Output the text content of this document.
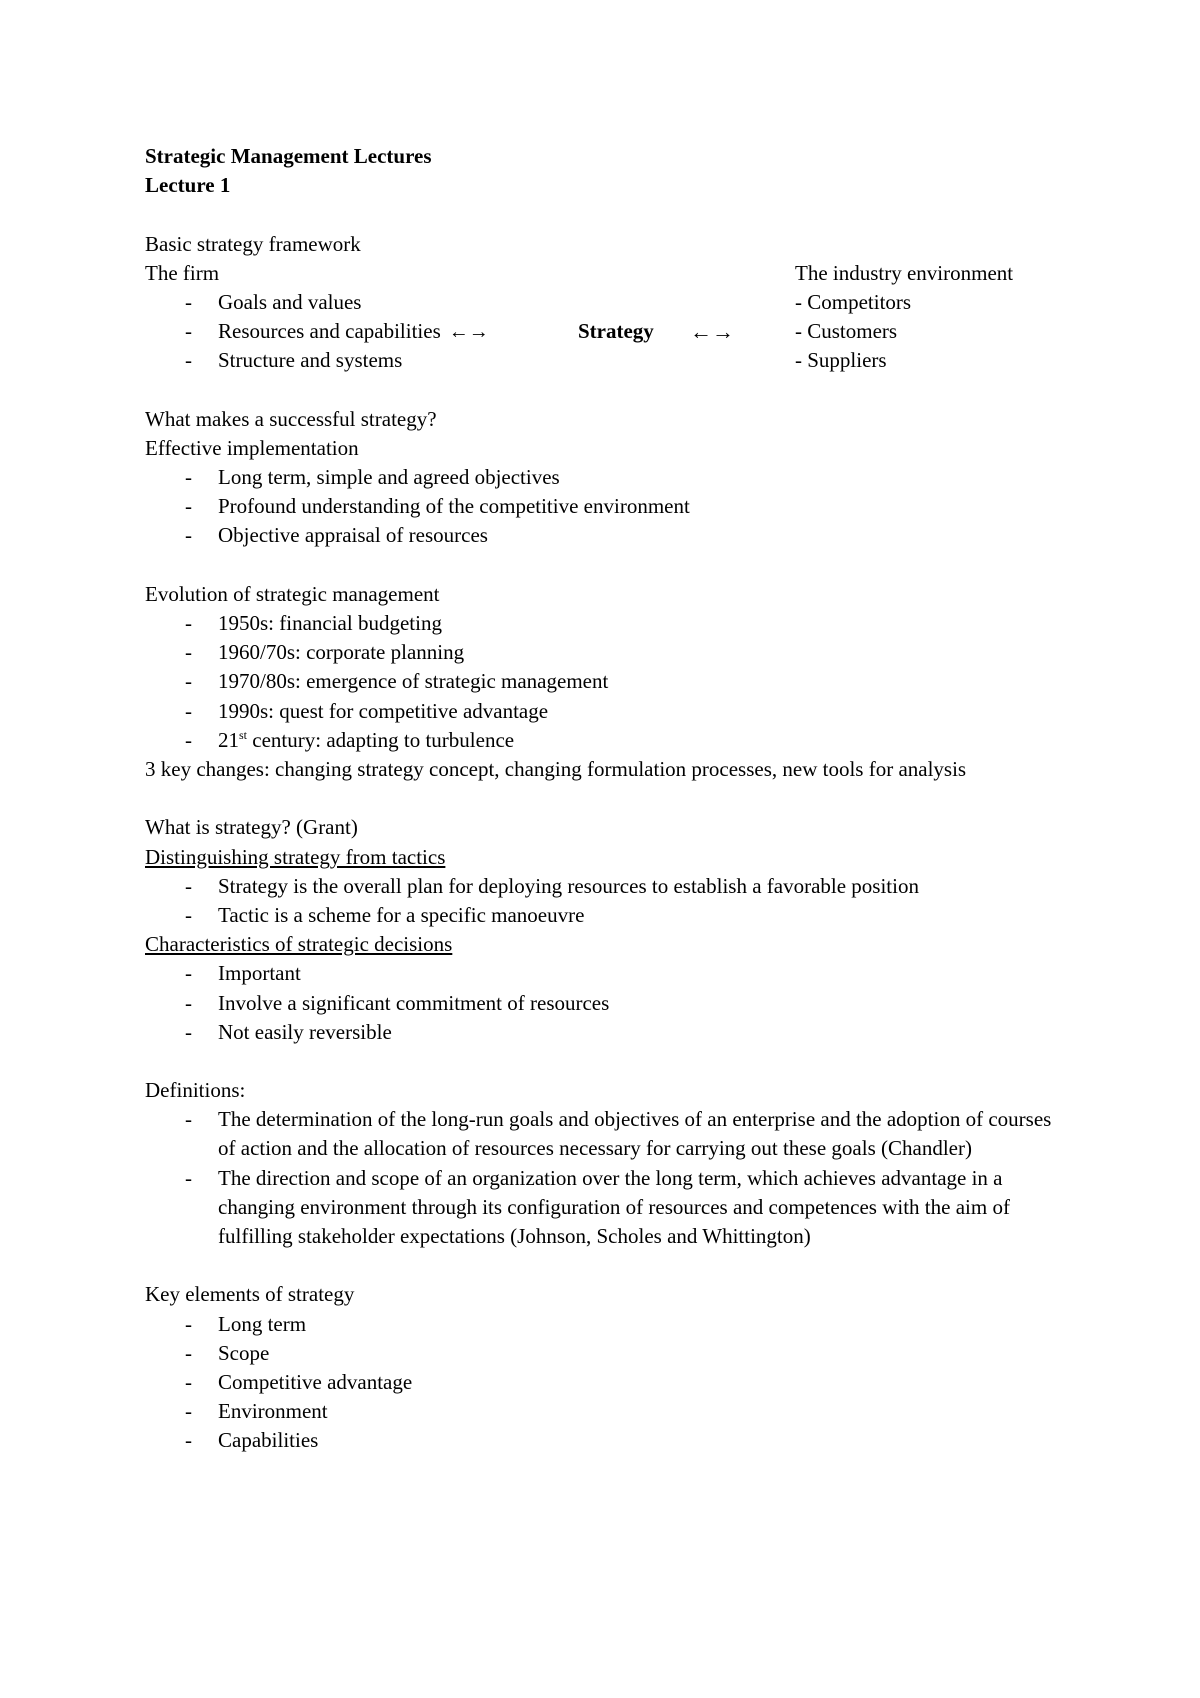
Strategic Management Lectures
Lecture 1
Basic strategy framework
The firm
- Goals and values
- Resources and capabilities ←→
- Structure and systems
Strategy ←→
The industry environment
- Competitors
- Customers
- Suppliers
What makes a successful strategy?
Effective implementation
- Long term, simple and agreed objectives
- Profound understanding of the competitive environment
- Objective appraisal of resources
Evolution of strategic management
- 1950s: financial budgeting
- 1960/70s: corporate planning
- 1970/80s: emergence of strategic management
- 1990s: quest for competitive advantage
- 21st century: adapting to turbulence
3 key changes: changing strategy concept, changing formulation processes, new tools for analysis
What is strategy? (Grant)
Distinguishing strategy from tactics
- Strategy is the overall plan for deploying resources to establish a favorable position
- Tactic is a scheme for a specific manoeuvre
Characteristics of strategic decisions
- Important
- Involve a significant commitment of resources
- Not easily reversible
Definitions:
- The determination of the long-run goals and objectives of an enterprise and the adoption of courses of action and the allocation of resources necessary for carrying out these goals (Chandler)
- The direction and scope of an organization over the long term, which achieves advantage in a changing environment through its configuration of resources and competences with the aim of fulfilling stakeholder expectations (Johnson, Scholes and Whittington)
Key elements of strategy
- Long term
- Scope
- Competitive advantage
- Environment
- Capabilities
